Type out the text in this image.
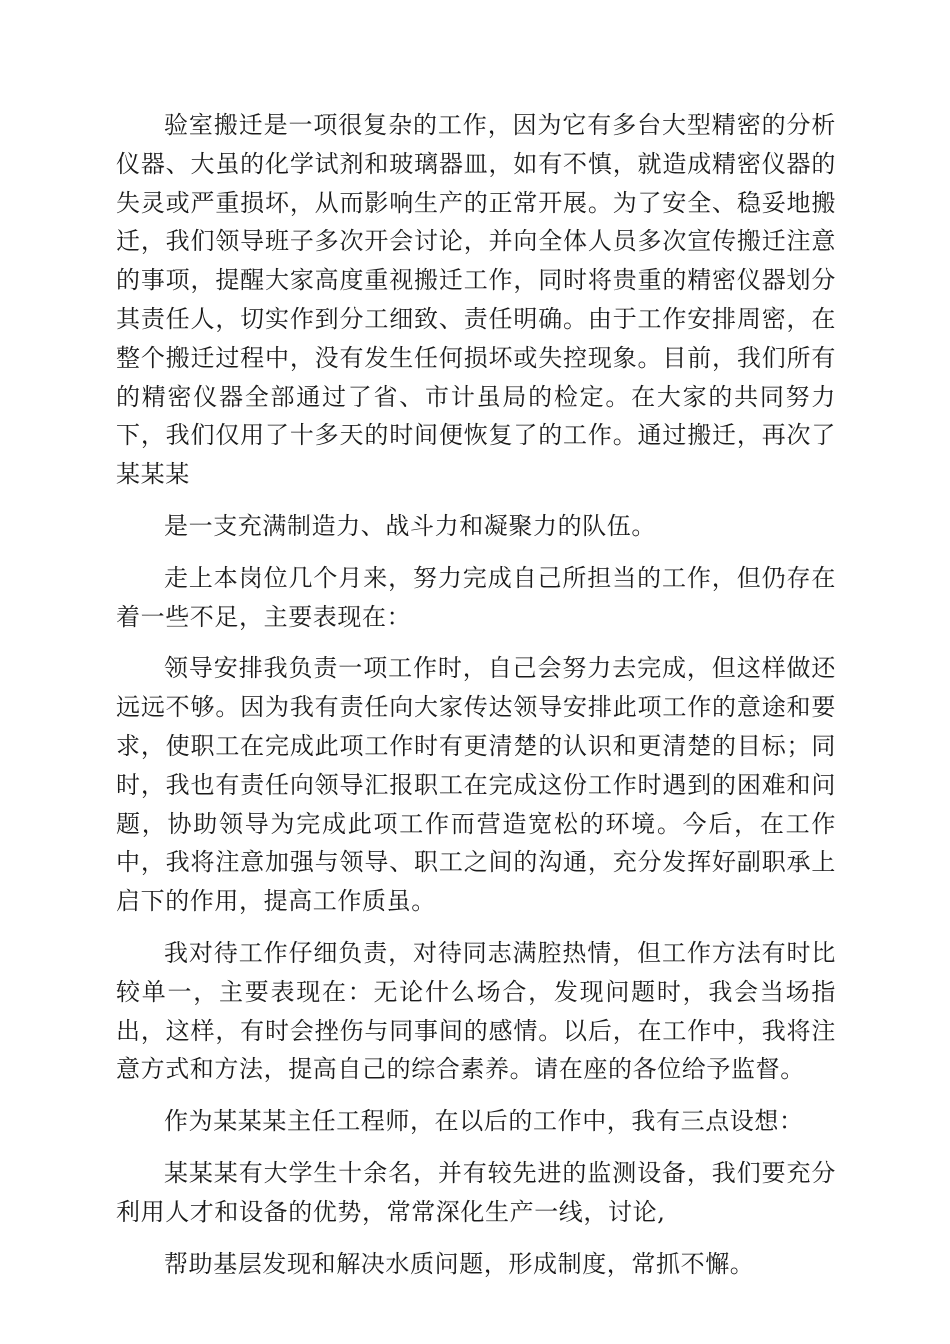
验室搬迁是一项很复杂的工作，因为它有多台大型精密的分析仪器、大虽的化学试剂和玻璃器皿，如有不慎，就造成精密仪器的失灵或严重损坏，从而影响生产的正常开展。为了安全、稳妥地搬迁，我们领导班子多次开会讨论，并向全体人员多次宣传搬迁注意的事项，提醒大家高度重视搬迁工作，同时将贵重的精密仪器划分其责任人，切实作到分工细致、责任明确。由于工作安排周密，在整个搬迁过程中，没有发生任何损坏或失控现象。目前，我们所有的精密仪器全部通过了省、市计虽局的检定。在大家的共同努力下，我们仅用了十多天的时间便恢复了的工作。通过搬迁，再次了某某某

是一支充满制造力、战斗力和凝聚力的队伍。

走上本岗位几个月来，努力完成自己所担当的工作，但仍存在着一些不足，主要表现在：

领导安排我负责一项工作时，自己会努力去完成，但这样做还远远不够。因为我有责任向大家传达领导安排此项工作的意途和要求，使职工在完成此项工作时有更清楚的认识和更清楚的目标；同时，我也有责任向领导汇报职工在完成这份工作时遇到的困难和问题，协助领导为完成此项工作而营造宽松的环境。今后，在工作中，我将注意加强与领导、职工之间的沟通，充分发挥好副职承上启下的作用，提高工作质虽。

我对待工作仔细负责，对待同志满腔热情，但工作方法有时比较单一，主要表现在：无论什么场合，发现问题时，我会当场指出，这样，有时会挫伤与同事间的感情。以后，在工作中，我将注意方式和方法，提高自己的综合素养。请在座的各位给予监督。

作为某某某主任工程师，在以后的工作中，我有三点设想：

某某某有大学生十余名，并有较先进的监测设备，我们要充分利用人才和设备的优势，常常深化生产一线，讨论,

帮助基层发现和解决水质问题，形成制度，常抓不懈。
